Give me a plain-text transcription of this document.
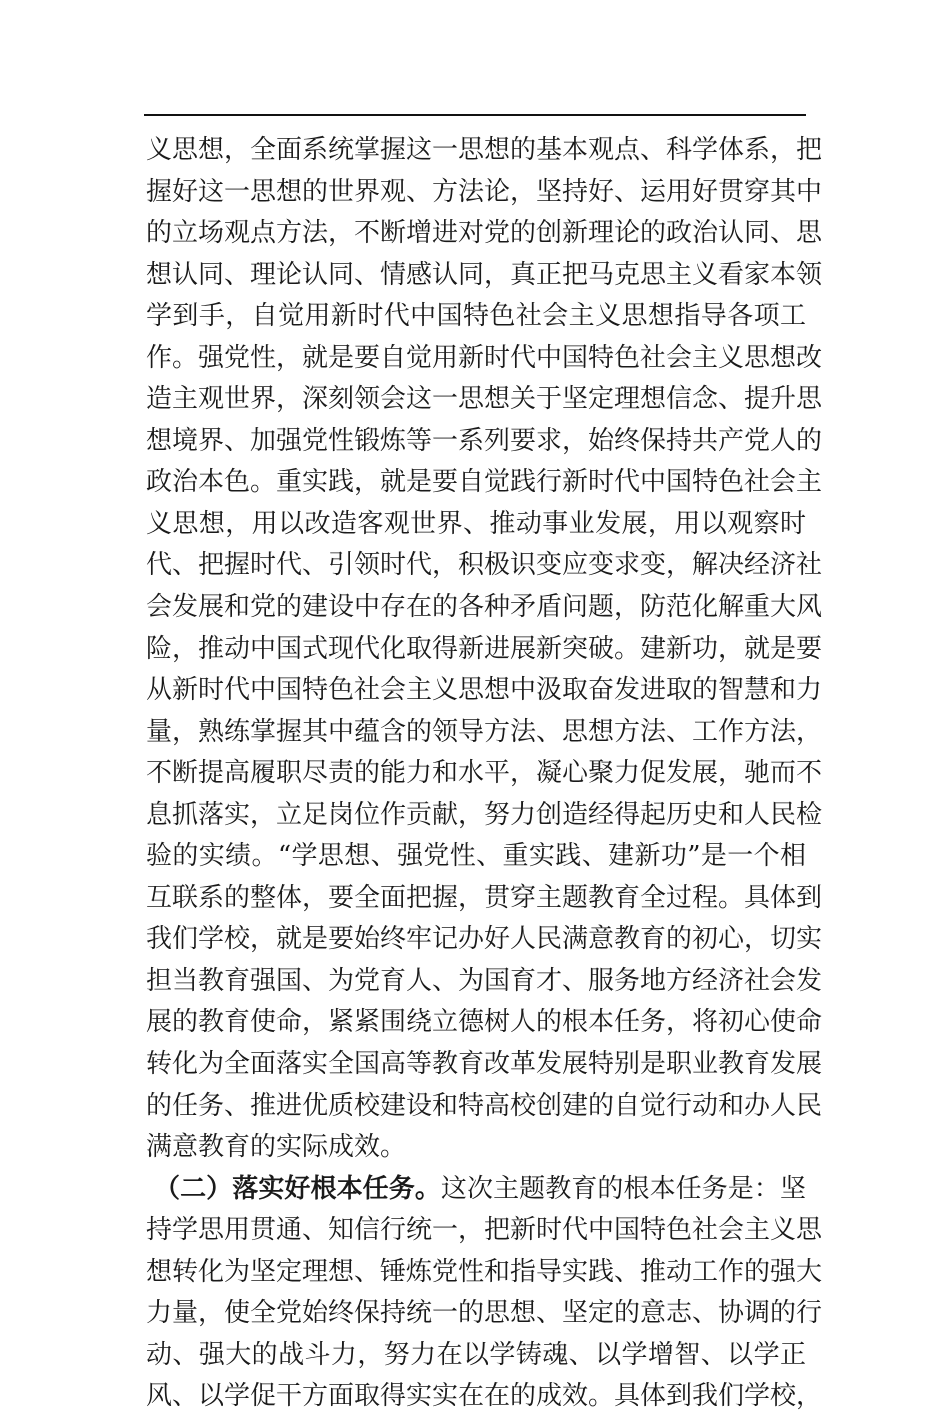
义思想，全面系统掌握这一思想的基本观点、科学体系，把
握好这一思想的世界观、方法论，坚持好、运用好贯穿其中
的立场观点方法，不断增进对党的创新理论的政治认同、思
想认同、理论认同、情感认同，真正把马克思主义看家本领
学到手，自觉用新时代中国特色社会主义思想指导各项工
作。强党性，就是要自觉用新时代中国特色社会主义思想改
造主观世界，深刻领会这一思想关于坚定理想信念、提升思
想境界、加强党性锻炼等一系列要求，始终保持共产党人的
政治本色。重实践，就是要自觉践行新时代中国特色社会主
义思想，用以改造客观世界、推动事业发展，用以观察时
代、把握时代、引领时代，积极识变应变求变，解决经济社
会发展和党的建设中存在的各种矛盾问题，防范化解重大风
险，推动中国式现代化取得新进展新突破。建新功，就是要
从新时代中国特色社会主义思想中汲取奋发进取的智慧和力
量，熟练掌握其中蕴含的领导方法、思想方法、工作方法，
不断提高履职尽责的能力和水平，凝心聚力促发展，驰而不
息抓落实，立足岗位作贡献，努力创造经得起历史和人民检
验的实绩。“学思想、强党性、重实践、建新功”是一个相
互联系的整体，要全面把握，贯穿主题教育全过程。具体到
我们学校，就是要始终牢记办好人民满意教育的初心，切实
担当教育强国、为党育人、为国育才、服务地方经济社会发
展的教育使命，紧紧围绕立德树人的根本任务，将初心使命
转化为全面落实全国高等教育改革发展特别是职业教育发展
的任务、推进优质校建设和特高校创建的自觉行动和办人民
满意教育的实际成效。
（二）落实好根本任务。这次主题教育的根本任务是：坚
持学思用贯通、知信行统一，把新时代中国特色社会主义思
想转化为坚定理想、锤炼党性和指导实践、推动工作的强大
力量，使全党始终保持统一的思想、坚定的意志、协调的行
动、强大的战斗力，努力在以学铸魂、以学增智、以学正
风、以学促干方面取得实实在在的成效。具体到我们学校，
